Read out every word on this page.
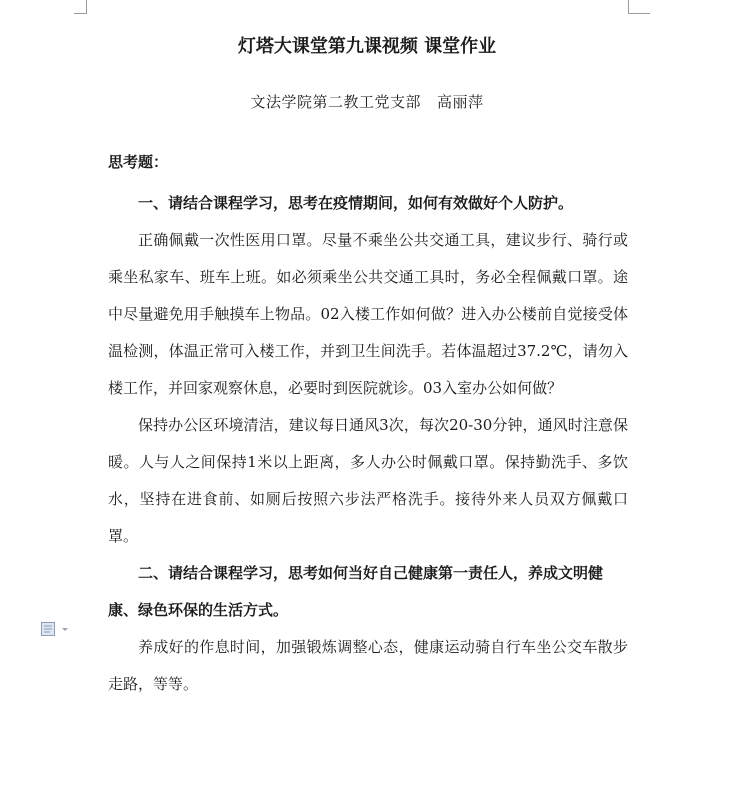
灯塔大课堂第九课视频 课堂作业
文法学院第二教工党支部 高丽萍

思考题：

一、请结合课程学习，思考在疫情期间，如何有效做好个人防护。

正确佩戴一次性医用口罩。尽量不乘坐公共交通工具，建议步行、骑行或乘坐私家车、班车上班。如必须乘坐公共交通工具时，务必全程佩戴口罩。途中尽量避免用手触摸车上物品。02入楼工作如何做？进入办公楼前自觉接受体温检测，体温正常可入楼工作，并到卫生间洗手。若体温超过37.2℃，请勿入楼工作，并回家观察休息，必要时到医院就诊。03入室办公如何做？

保持办公区环境清洁，建议每日通风3次，每次20-30分钟，通风时注意保暖。人与人之间保持1米以上距离，多人办公时佩戴口罩。保持勤洗手、多饮水，坚持在进食前、如厕后按照六步法严格洗手。接待外来人员双方佩戴口罩。

二、请结合课程学习，思考如何当好自己健康第一责任人，养成文明健康、绿色环保的生活方式。

养成好的作息时间，加强锻炼调整心态，健康运动骑自行车坐公交车散步走路，等等。
